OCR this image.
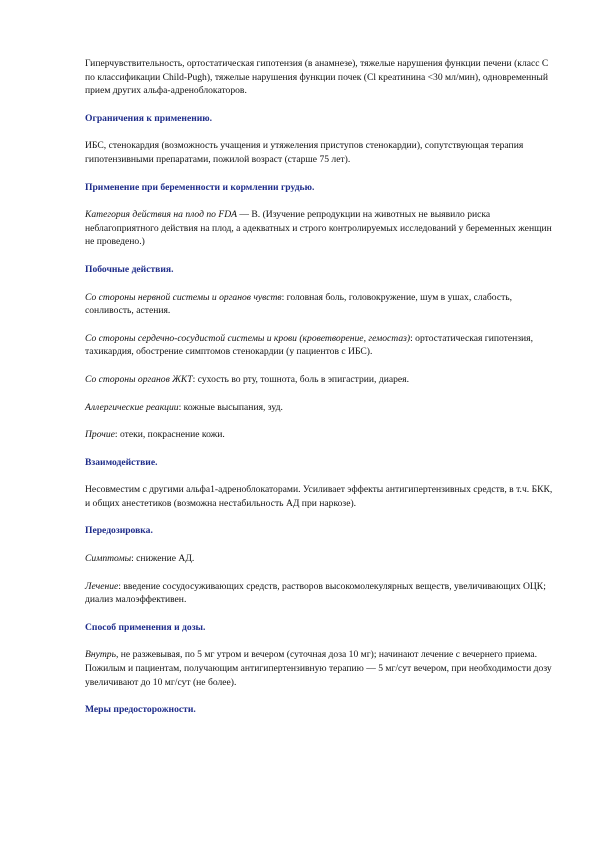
Гиперчувствительность, ортостатическая гипотензия (в анамнезе), тяжелые нарушения функции печени (класс С по классификации Child-Pugh), тяжелые нарушения функции почек (Cl креатинина <30 мл/мин), одновременный прием других альфа-адреноблокаторов.

Ограничения к применению.

ИБС, стенокардия (возможность учащения и утяжеления приступов стенокардии), сопутствующая терапия гипотензивными препаратами, пожилой возраст (старше 75 лет).

Применение при беременности и кормлении грудью.

Категория действия на плод по FDA — B. (Изучение репродукции на животных не выявило риска неблагоприятного действия на плод, а адекватных и строго контролируемых исследований у беременных женщин не проведено.)

Побочные действия.

Со стороны нервной системы и органов чувств: головная боль, головокружение, шум в ушах, слабость, сонливость, астения.

Со стороны сердечно-сосудистой системы и крови (кроветворение, гемостаз): ортостатическая гипотензия, тахикардия, обострение симптомов стенокардии (у пациентов с ИБС).

Со стороны органов ЖКТ: сухость во рту, тошнота, боль в эпигастрии, диарея.

Аллергические реакции: кожные высыпания, зуд.

Прочие: отеки, покраснение кожи.

Взаимодействие.

Несовместим с другими альфа1-адреноблокаторами. Усиливает эффекты антигипертензивных средств, в т.ч. БКК, и общих анестетиков (возможна нестабильность АД при наркозе).

Передозировка.

Симптомы: снижение АД.

Лечение: введение сосудосуживающих средств, растворов высокомолекулярных веществ, увеличивающих ОЦК; диализ малоэффективен.

Способ применения и дозы.

Внутрь, не разжевывая, по 5 мг утром и вечером (суточная доза 10 мг); начинают лечение с вечернего приема. Пожилым и пациентам, получающим антигипертензивную терапию — 5 мг/сут вечером, при необходимости дозу увеличивают до 10 мг/сут (не более).

Меры предосторожности.
